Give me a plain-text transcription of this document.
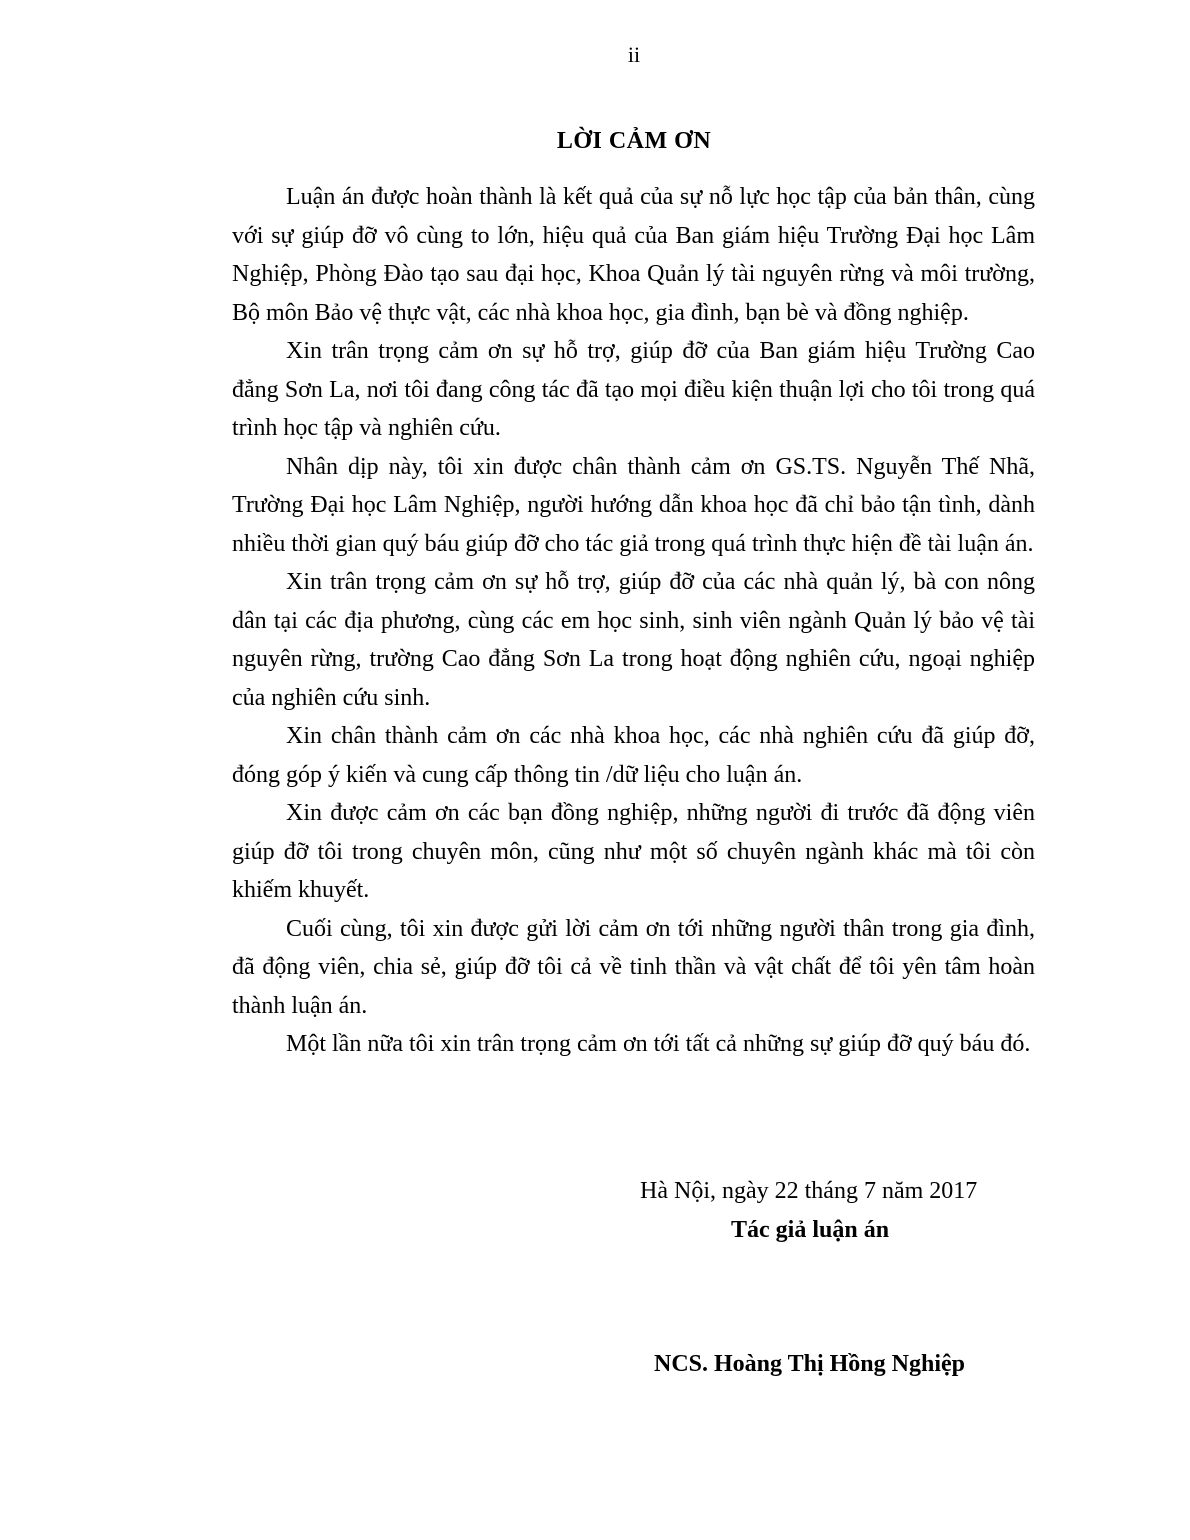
ii
LỜI CẢM ƠN

Luận án được hoàn thành là kết quả của sự nỗ lực học tập của bản thân, cùng với sự giúp đỡ vô cùng to lớn, hiệu quả của Ban giám hiệu Trường Đại học Lâm Nghiệp, Phòng Đào tạo sau đại học, Khoa Quản lý tài nguyên rừng và môi trường, Bộ môn Bảo vệ thực vật, các nhà khoa học, gia đình, bạn bè và đồng nghiệp.

Xin trân trọng cảm ơn sự hỗ trợ, giúp đỡ của Ban giám hiệu Trường Cao đẳng Sơn La, nơi tôi đang công tác đã tạo mọi điều kiện thuận lợi cho tôi trong quá trình học tập và nghiên cứu.

Nhân dịp này, tôi xin được chân thành cảm ơn GS.TS. Nguyễn Thế Nhã, Trường Đại học Lâm Nghiệp, người hướng dẫn khoa học đã chỉ bảo tận tình, dành nhiều thời gian quý báu giúp đỡ cho tác giả trong quá trình thực hiện đề tài luận án.

Xin trân trọng cảm ơn sự hỗ trợ, giúp đỡ của các nhà quản lý, bà con nông dân tại các địa phương, cùng các em học sinh, sinh viên ngành Quản lý bảo vệ tài nguyên rừng, trường Cao đẳng Sơn La trong hoạt động nghiên cứu, ngoại nghiệp của nghiên cứu sinh.

Xin chân thành cảm ơn các nhà khoa học, các nhà nghiên cứu đã giúp đỡ, đóng góp ý kiến và cung cấp thông tin /dữ liệu cho luận án.

Xin được cảm ơn các bạn đồng nghiệp, những người đi trước đã động viên giúp đỡ tôi trong chuyên môn, cũng như một số chuyên ngành khác mà tôi còn khiếm khuyết.

Cuối cùng, tôi xin được gửi lời cảm ơn tới những người thân trong gia đình, đã động viên, chia sẻ, giúp đỡ tôi cả về tinh thần và vật chất để tôi yên tâm hoàn thành luận án.

Một lần nữa tôi xin trân trọng cảm ơn tới tất cả những sự giúp đỡ quý báu đó.

Hà Nội, ngày 22 tháng 7 năm 2017
Tác giả luận án
NCS. Hoàng Thị Hồng Nghiệp
